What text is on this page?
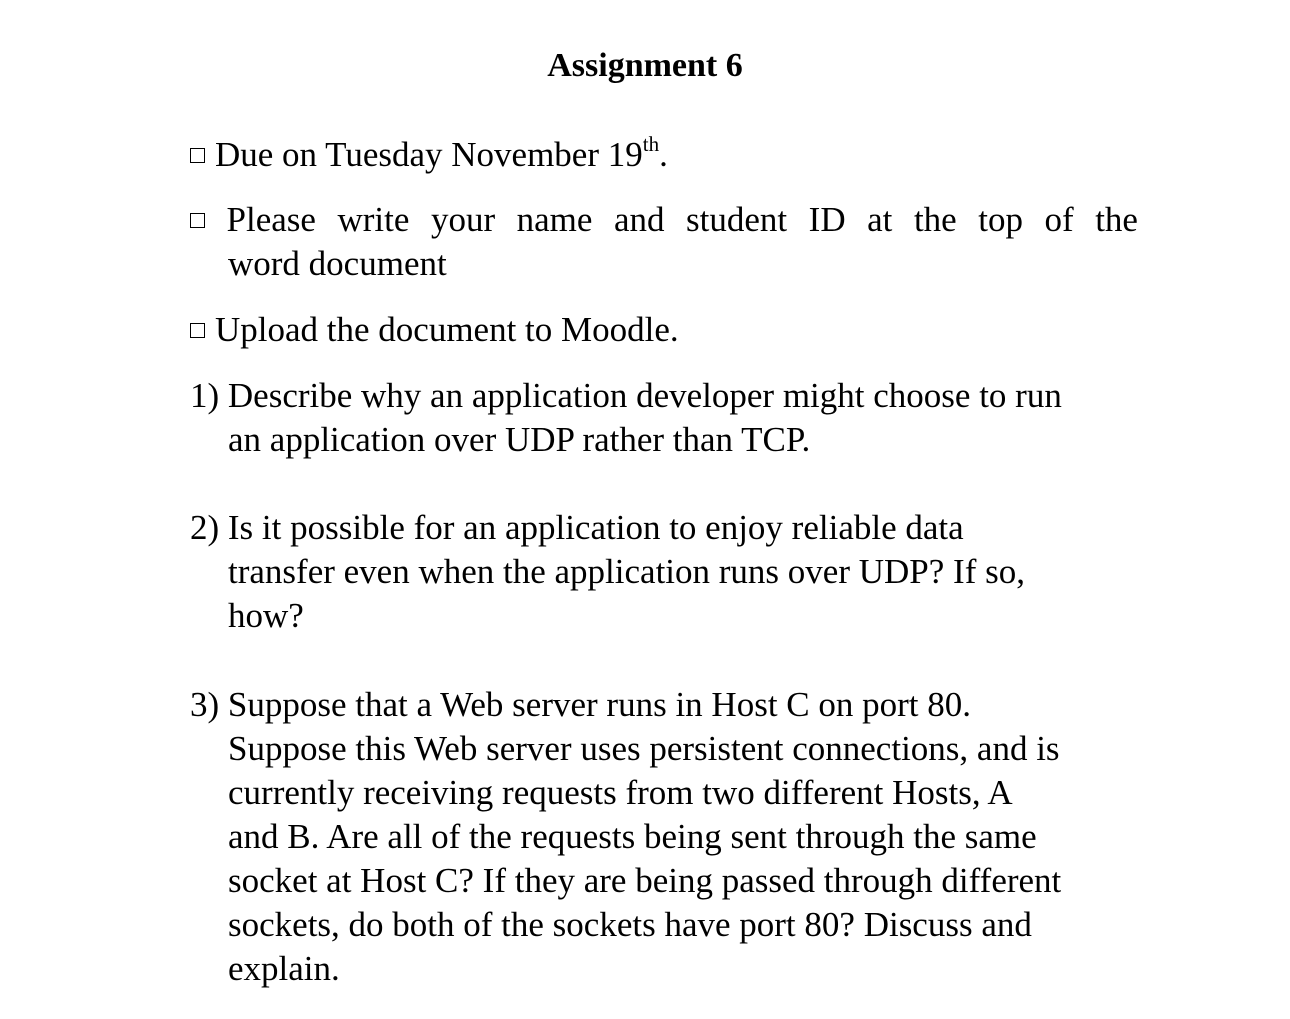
Assignment 6
Due on Tuesday November 19th.
Please write your name and student ID at the top of the
word document
Upload the document to Moodle.
1) Describe why an application developer might choose to run
an application over UDP rather than TCP.
2) Is it possible for an application to enjoy reliable data
transfer even when the application runs over UDP? If so,
how?
3) Suppose that a Web server runs in Host C on port 80.
Suppose this Web server uses persistent connections, and is
currently receiving requests from two different Hosts, A
and B. Are all of the requests being sent through the same
socket at Host C? If they are being passed through different
sockets, do both of the sockets have port 80? Discuss and
explain.
